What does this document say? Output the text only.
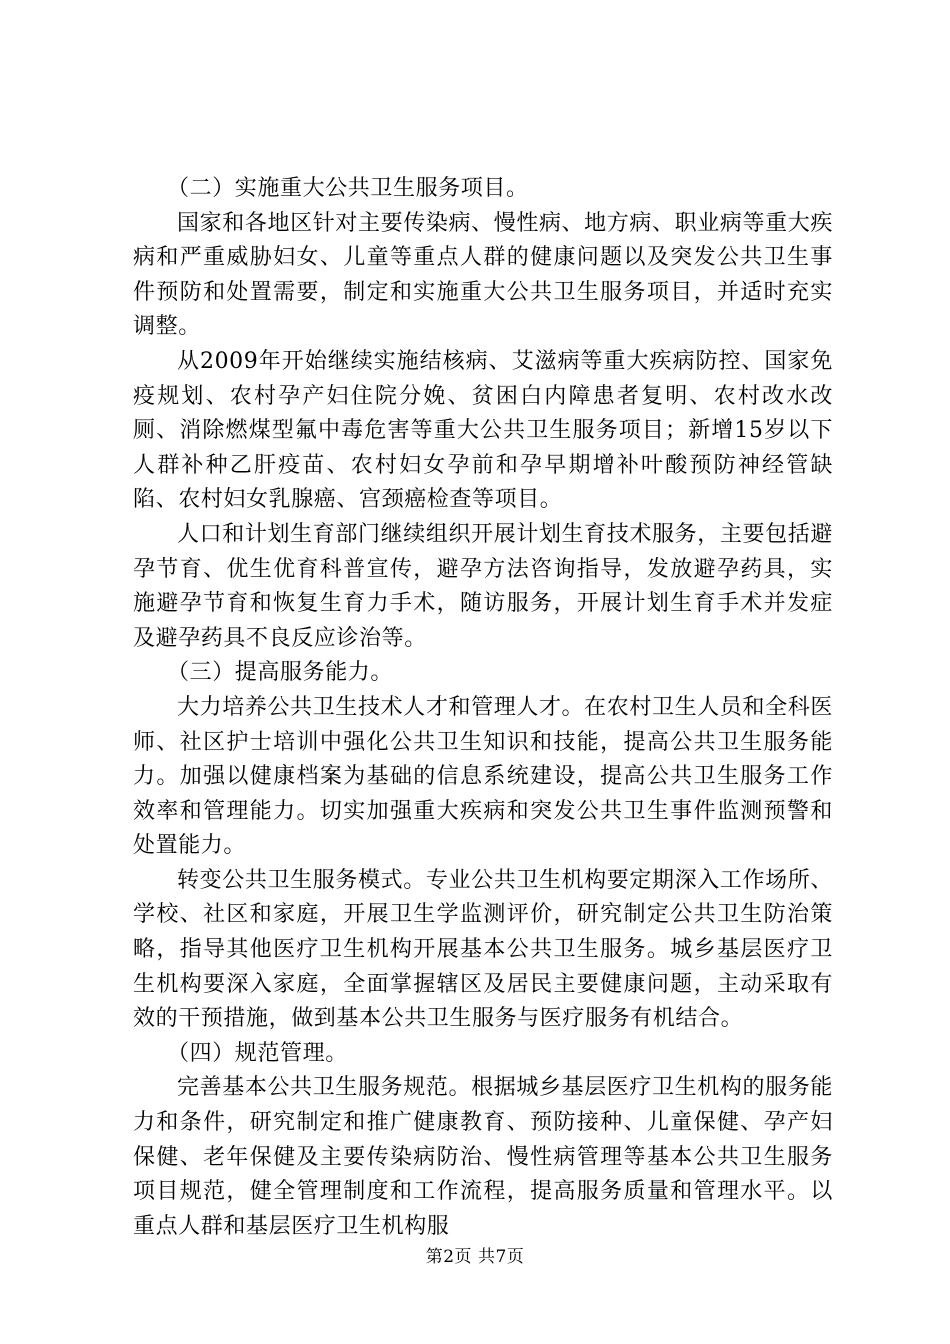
（二）实施重大公共卫生服务项目。

国家和各地区针对主要传染病、慢性病、地方病、职业病等重大疾病和严重威胁妇女、儿童等重点人群的健康问题以及突发公共卫生事件预防和处置需要，制定和实施重大公共卫生服务项目，并适时充实调整。

从2009年开始继续实施结核病、艾滋病等重大疾病防控、国家免疫规划、农村孕产妇住院分娩、贫困白内障患者复明、农村改水改厕、消除燃煤型氟中毒危害等重大公共卫生服务项目；新增15岁以下人群补种乙肝疫苗、农村妇女孕前和孕早期增补叶酸预防神经管缺陷、农村妇女乳腺癌、宫颈癌检查等项目。

人口和计划生育部门继续组织开展计划生育技术服务，主要包括避孕节育、优生优育科普宣传，避孕方法咨询指导，发放避孕药具，实施避孕节育和恢复生育力手术，随访服务，开展计划生育手术并发症及避孕药具不良反应诊治等。

（三）提高服务能力。

大力培养公共卫生技术人才和管理人才。在农村卫生人员和全科医师、社区护士培训中强化公共卫生知识和技能，提高公共卫生服务能力。加强以健康档案为基础的信息系统建设，提高公共卫生服务工作效率和管理能力。切实加强重大疾病和突发公共卫生事件监测预警和处置能力。

转变公共卫生服务模式。专业公共卫生机构要定期深入工作场所、学校、社区和家庭，开展卫生学监测评价，研究制定公共卫生防治策略，指导其他医疗卫生机构开展基本公共卫生服务。城乡基层医疗卫生机构要深入家庭，全面掌握辖区及居民主要健康问题，主动采取有效的干预措施，做到基本公共卫生服务与医疗服务有机结合。

（四）规范管理。

完善基本公共卫生服务规范。根据城乡基层医疗卫生机构的服务能力和条件，研究制定和推广健康教育、预防接种、儿童保健、孕产妇保健、老年保健及主要传染病防治、慢性病管理等基本公共卫生服务项目规范，健全管理制度和工作流程，提高服务质量和管理水平。以重点人群和基层医疗卫生机构服

第2页 共7页
